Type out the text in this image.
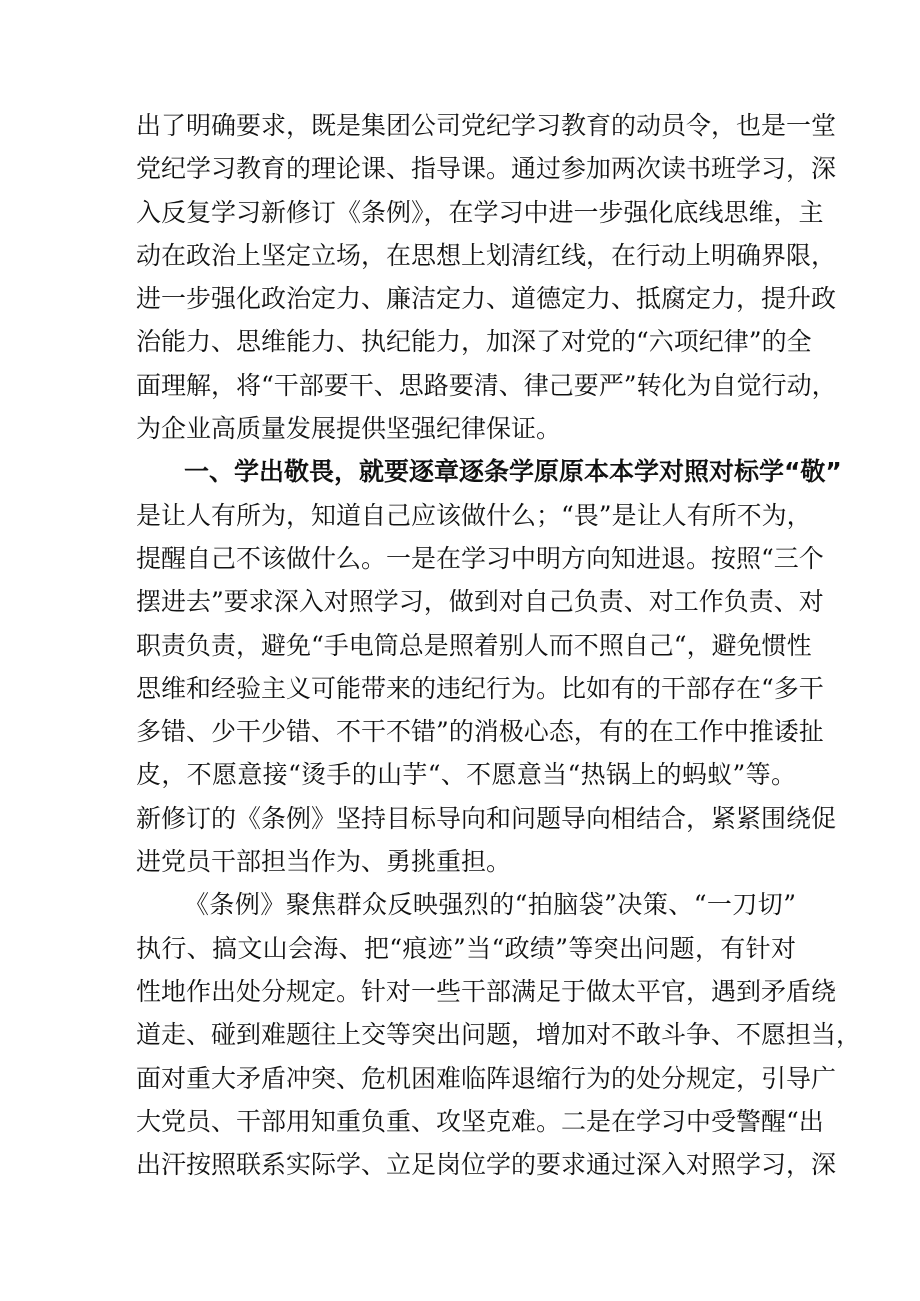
出了明确要求，既是集团公司党纪学习教育的动员令，也是一堂
党纪学习教育的理论课、指导课。通过参加两次读书班学习，深
入反复学习新修订《条例》，在学习中进一步强化底线思维，主
动在政治上坚定立场，在思想上划清红线，在行动上明确界限，
进一步强化政治定力、廉洁定力、道德定力、抵腐定力，提升政
治能力、思维能力、执纪能力，加深了对党的“六项纪律”的全
面理解，将“干部要干、思路要清、律己要严”转化为自觉行动，
为企业高质量发展提供坚强纪律保证。
一、学出敬畏，就要逐章逐条学原原本本学对照对标学“敬”
是让人有所为，知道自己应该做什么；“畏”是让人有所不为，
提醒自己不该做什么。一是在学习中明方向知进退。按照“三个
摆进去”要求深入对照学习，做到对自己负责、对工作负责、对
职责负责，避免“手电筒总是照着别人而不照自己“，避免惯性
思维和经验主义可能带来的违纪行为。比如有的干部存在“多干
多错、少干少错、不干不错”的消极心态，有的在工作中推诿扯
皮，不愿意接“烫手的山芋“、不愿意当“热锅上的蚂蚁”等。
新修订的《条例》坚持目标导向和问题导向相结合，紧紧围绕促
进党员干部担当作为、勇挑重担。
《条例》聚焦群众反映强烈的“拍脑袋”决策、“一刀切”
执行、搞文山会海、把“痕迹”当“政绩”等突出问题，有针对
性地作出处分规定。针对一些干部满足于做太平官，遇到矛盾绕
道走、碰到难题往上交等突出问题，增加对不敢斗争、不愿担当，
面对重大矛盾冲突、危机困难临阵退缩行为的处分规定，引导广
大党员、干部用知重负重、攻坚克难。二是在学习中受警醒“出
出汗按照联系实际学、立足岗位学的要求通过深入对照学习，深
